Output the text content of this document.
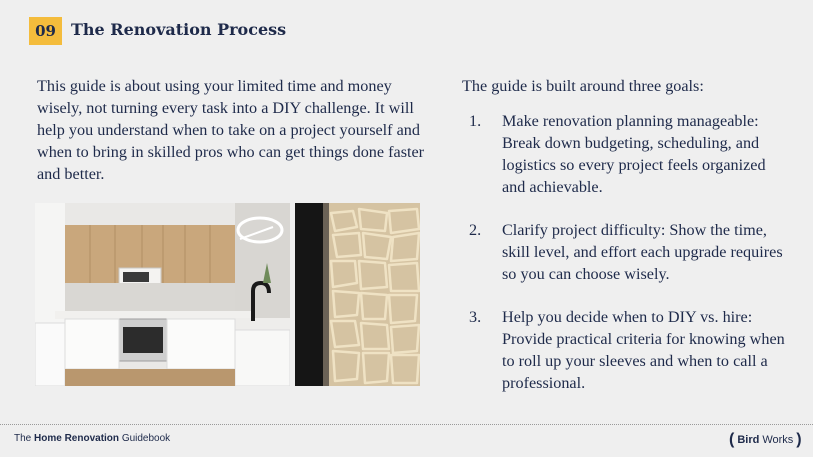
09 The Renovation Process

This guide is about using your limited time and money wisely, not turning every task into a DIY challenge. It will help you understand when to take on a project yourself and when to bring in skilled pros who can get things done faster and better.

The guide is built around three goals:
1.	Make renovation planning manageable: Break down budgeting, scheduling, and logistics so every project feels organized and achievable.
2.	Clarify project difficulty: Show the time, skill level, and effort each upgrade requires so you can choose wisely.
3.	Help you decide when to DIY vs. hire: Provide practical criteria for knowing when to roll up your sleeves and when to call a professional.
The Home Renovation Guidebook	( Bird Works )
